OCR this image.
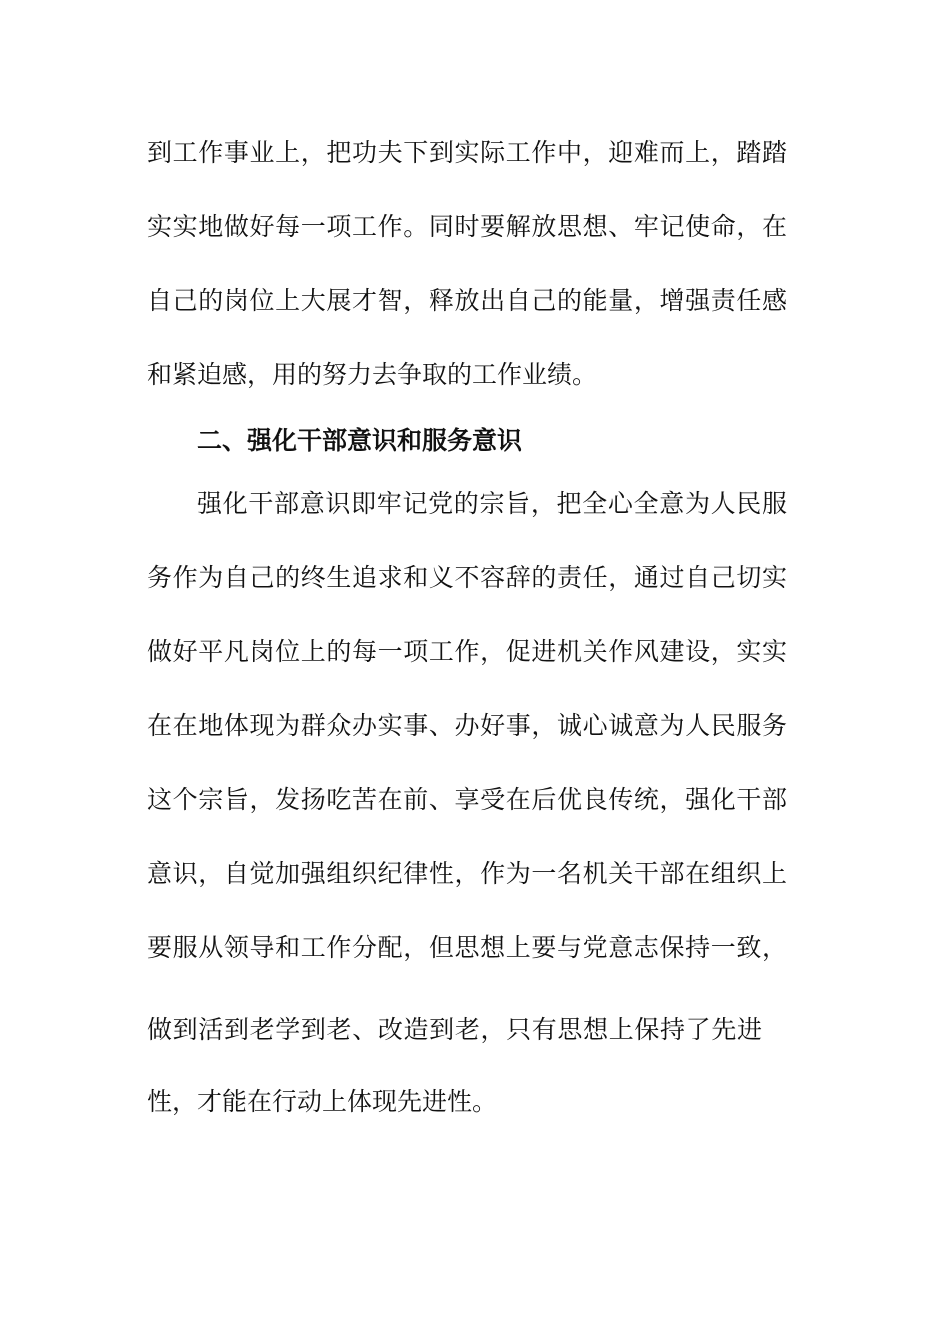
到工作事业上，把功夫下到实际工作中，迎难而上，踏踏
实实地做好每一项工作。同时要解放思想、牢记使命，在
自己的岗位上大展才智，释放出自己的能量，增强责任感
和紧迫感，用的努力去争取的工作业绩。
二、强化干部意识和服务意识
强化干部意识即牢记党的宗旨，把全心全意为人民服
务作为自己的终生追求和义不容辞的责任，通过自己切实
做好平凡岗位上的每一项工作，促进机关作风建设，实实
在在地体现为群众办实事、办好事，诚心诚意为人民服务
这个宗旨，发扬吃苦在前、享受在后优良传统，强化干部
意识，自觉加强组织纪律性，作为一名机关干部在组织上
要服从领导和工作分配，但思想上要与党意志保持一致，
做到活到老学到老、改造到老，只有思想上保持了先进
性，才能在行动上体现先进性。
